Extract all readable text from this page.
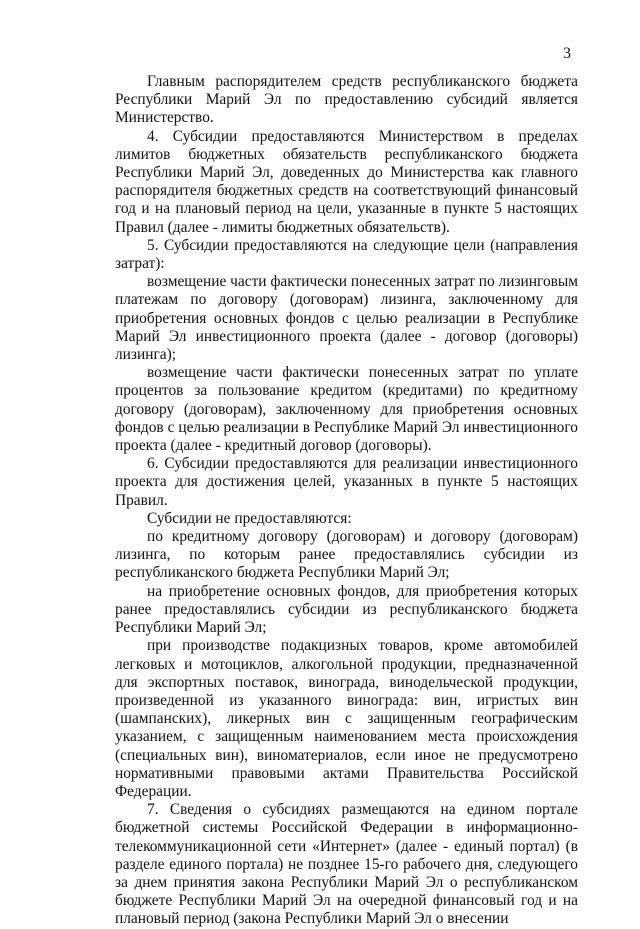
3

Главным распорядителем средств республиканского бюджета Республики Марий Эл по предоставлению субсидий является Министерство.

4. Субсидии предоставляются Министерством в пределах лимитов бюджетных обязательств республиканского бюджета Республики Марий Эл, доведенных до Министерства как главного распорядителя бюджетных средств на соответствующий финансовый год и на плановый период на цели, указанные в пункте 5 настоящих Правил (далее - лимиты бюджетных обязательств).

5. Субсидии предоставляются на следующие цели (направления затрат):

возмещение части фактически понесенных затрат по лизинговым платежам по договору (договорам) лизинга, заключенному для приобретения основных фондов с целью реализации в Республике Марий Эл инвестиционного проекта (далее - договор (договоры) лизинга);

возмещение части фактически понесенных затрат по уплате процентов за пользование кредитом (кредитами) по кредитному договору (договорам), заключенному для приобретения основных фондов с целью реализации в Республике Марий Эл инвестиционного проекта (далее - кредитный договор (договоры).

6. Субсидии предоставляются для реализации инвестиционного проекта для достижения целей, указанных в пункте 5 настоящих Правил.

Субсидии не предоставляются:

по кредитному договору (договорам) и договору (договорам) лизинга, по которым ранее предоставлялись субсидии из республиканского бюджета Республики Марий Эл;

на приобретение основных фондов, для приобретения которых ранее предоставлялись субсидии из республиканского бюджета Республики Марий Эл;

при производстве подакцизных товаров, кроме автомобилей легковых и мотоциклов, алкогольной продукции, предназначенной для экспортных поставок, винограда, винодельческой продукции, произведенной из указанного винограда: вин, игристых вин (шампанских), ликерных вин с защищенным географическим указанием, с защищенным наименованием места происхождения (специальных вин), виноматериалов, если иное не предусмотрено нормативными правовыми актами Правительства Российской Федерации.

7. Сведения о субсидиях размещаются на едином портале бюджетной системы Российской Федерации в информационно-телекоммуникационной сети «Интернет» (далее - единый портал) (в разделе единого портала) не позднее 15-го рабочего дня, следующего за днем принятия закона Республики Марий Эл о республиканском бюджете Республики Марий Эл на очередной финансовый год и на плановый период (закона Республики Марий Эл о внесении
